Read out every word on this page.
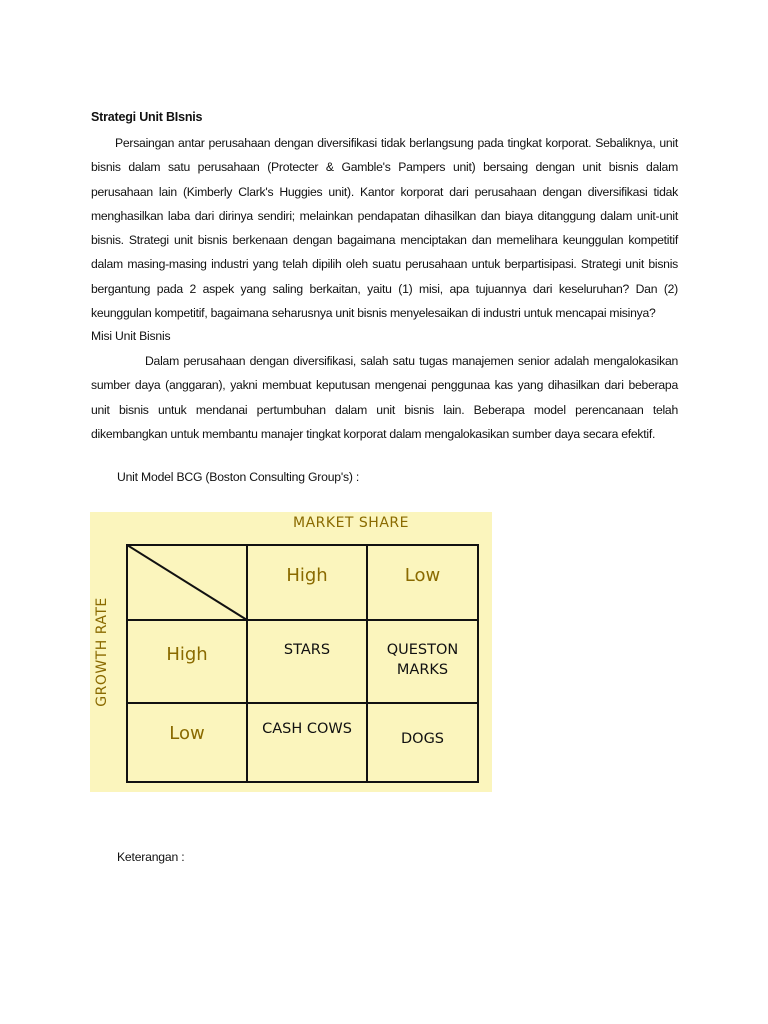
Strategi Unit BIsnis

Persaingan antar perusahaan dengan diversifikasi tidak berlangsung pada tingkat korporat. Sebaliknya, unit bisnis dalam satu perusahaan (Protecter & Gamble's Pampers unit) bersaing dengan unit bisnis dalam perusahaan lain (Kimberly Clark's Huggies unit). Kantor korporat dari perusahaan dengan diversifikasi tidak menghasilkan laba dari dirinya sendiri; melainkan pendapatan dihasilkan dan biaya ditanggung dalam unit-unit bisnis. Strategi unit bisnis berkenaan dengan bagaimana menciptakan dan memelihara keunggulan kompetitif dalam masing-masing industri yang telah dipilih oleh suatu perusahaan untuk berpartisipasi. Strategi unit bisnis bergantung pada 2 aspek yang saling berkaitan, yaitu (1) misi, apa tujuannya dari keseluruhan? Dan (2) keunggulan kompetitif, bagaimana seharusnya unit bisnis menyelesaikan di industri untuk mencapai misinya?

Misi Unit Bisnis

Dalam perusahaan dengan diversifikasi, salah satu tugas manajemen senior adalah mengalokasikan sumber daya (anggaran), yakni membuat keputusan mengenai penggunaa kas yang dihasilkan dari beberapa unit bisnis untuk mendanai pertumbuhan dalam unit bisnis lain. Beberapa model perencanaan telah dikembangkan untuk membantu manajer tingkat korporat dalam mengalokasikan sumber daya secara efektif.

Unit Model BCG (Boston Consulting Group's) :
MARKET SHARE
GROWTH RATE
High	Low
High
Low
STARS	QUESTON
MARKS
CASH COWS
DOGS
Keterangan :
